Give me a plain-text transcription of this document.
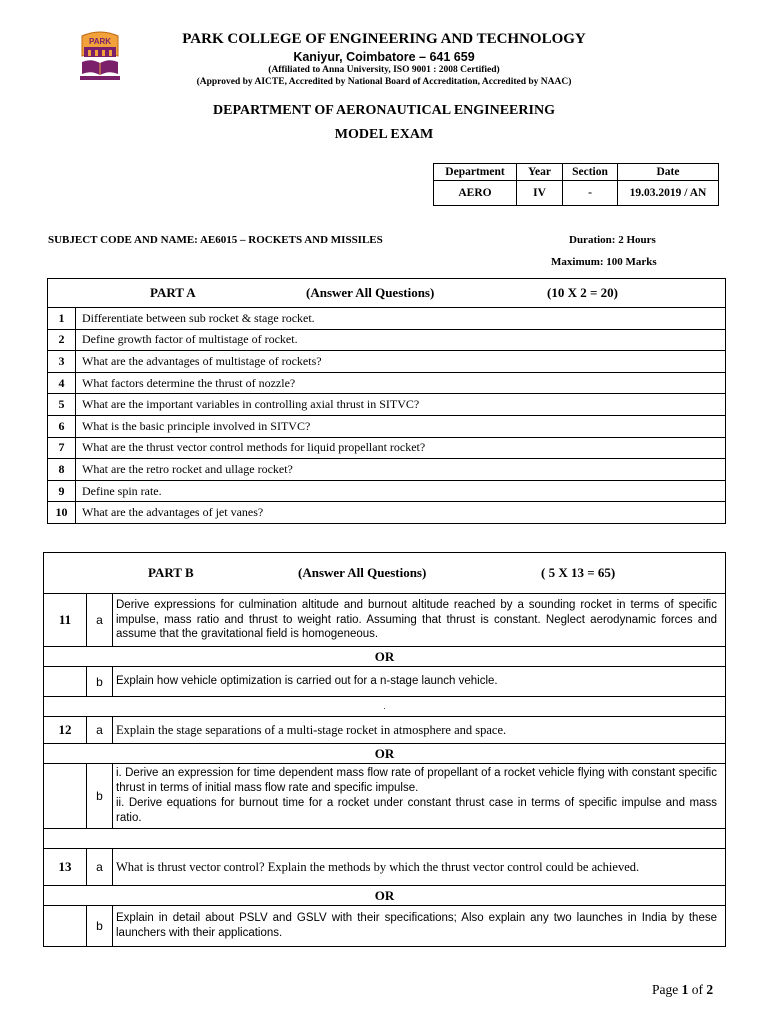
PARK	PARK COLLEGE OF ENGINEERING AND TECHNOLOGY
Kaniyur, Coimbatore – 641 659
(Affiliated to Anna University, ISO 9001 : 2008 Certified)
(Approved by AICTE, Accredited by National Board of Accreditation, Accredited by NAAC)
DEPARTMENT OF AERONAUTICAL ENGINEERING
MODEL EXAM
Department	Year	Section	Date
AERO	IV	-	19.03.2019 / AN
SUBJECT CODE AND NAME: AE6015 – ROCKETS AND MISSILES	Duration: 2 Hours
Maximum: 100 Marks
PART A (Answer All Questions) (10 X 2 = 20)	

1	Differentiate between sub rocket & stage rocket.
2	Define growth factor of multistage of rocket.
3	What are the advantages of multistage of rockets?
4	What factors determine the thrust of nozzle?
5	What are the important variables in controlling axial thrust in SITVC?
6	What is the basic principle involved in SITVC?
7	What are the thrust vector control methods for liquid propellant rocket?
8	What are the retro rocket and ullage rocket?
9	Define spin rate.
10	What are the advantages of jet vanes?
PART B (Answer All Questions) ( 5 X 13 = 65)		

11	a	Derive expressions for culmination altitude and burnout altitude reached by a sounding rocket in terms of specific impulse, mass ratio and thrust to weight ratio. Assuming that thrust is constant. Neglect aerodynamic forces and assume that the gravitational field is homogeneous.
OR		
	b	Explain how vehicle optimization is carried out for a n-stage launch vehicle.
.		
12	a	Explain the stage separations of a multi-stage rocket in atmosphere and space.
OR		
	b	i. Derive an expression for time dependent mass flow rate of propellant of a rocket vehicle flying with constant specific thrust in terms of initial mass flow rate and specific impulse.
ii. Derive equations for burnout time for a rocket under constant thrust case in terms of specific impulse and mass ratio.

13	a	What is thrust vector control? Explain the methods by which the thrust vector control could be achieved.
OR		
	b	Explain in detail about PSLV and GSLV with their specifications; Also explain any two launches in India by these launchers with their applications.
Page 1 of 2
